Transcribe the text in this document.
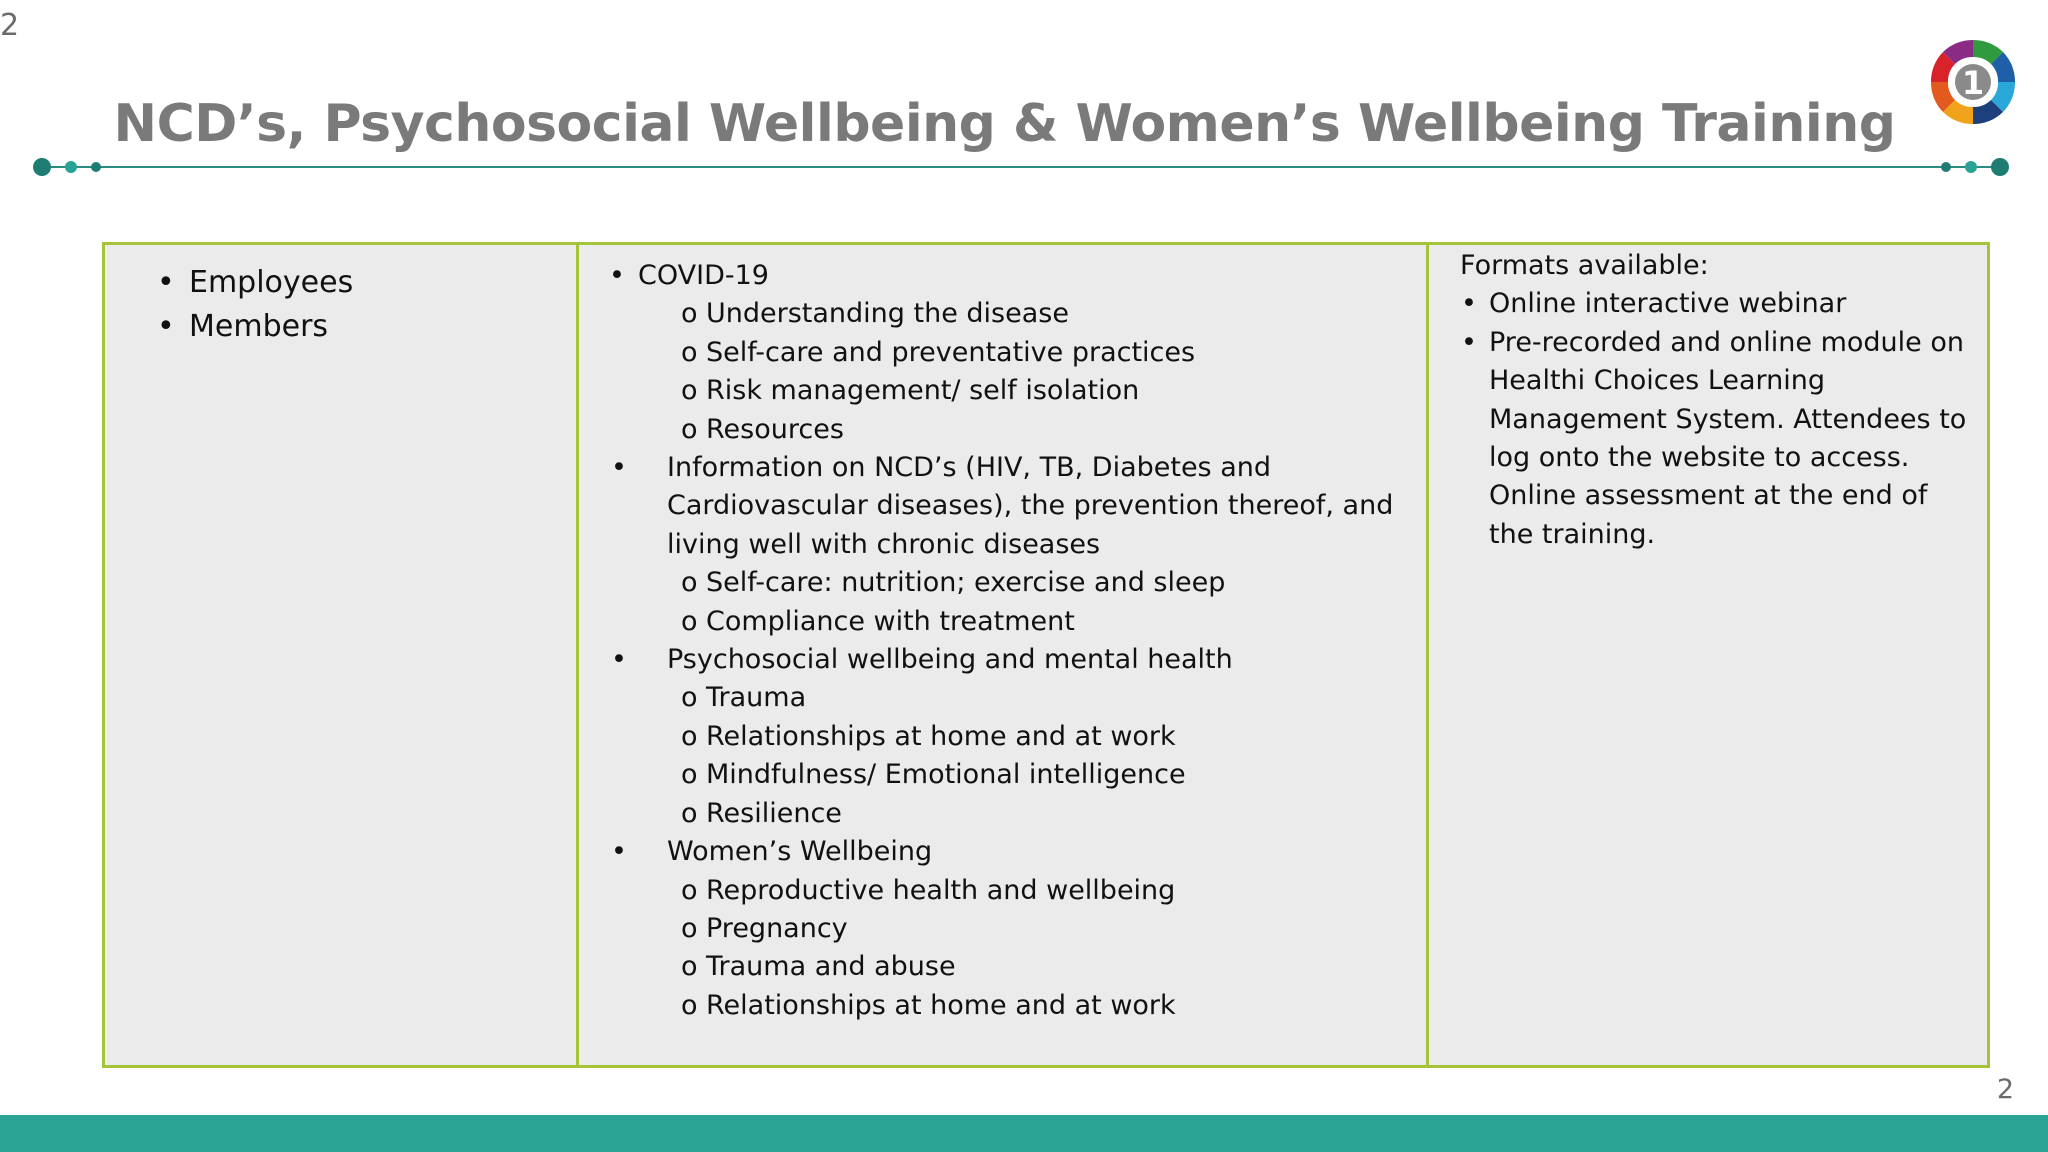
2
NCD’s, Psychosocial Wellbeing & Women’s Wellbeing Training
1
• Employees
• Members
• COVID-19
o Understanding the disease
o Self-care and preventative practices
o Risk management/ self isolation
o Resources
• Information on NCD’s (HIV, TB, Diabetes and Cardiovascular diseases), the prevention thereof, and living well with chronic diseases
o Self-care: nutrition; exercise and sleep
o Compliance with treatment
• Psychosocial wellbeing and mental health
o Trauma
o Relationships at home and at work
o Mindfulness/ Emotional intelligence
o Resilience
• Women’s Wellbeing
o Reproductive health and wellbeing
o Pregnancy
o Trauma and abuse
o Relationships at home and at work
Formats available:
• Online interactive webinar
• Pre-recorded and online module on Healthi Choices Learning Management System. Attendees to log onto the website to access. Online assessment at the end of the training.
2
